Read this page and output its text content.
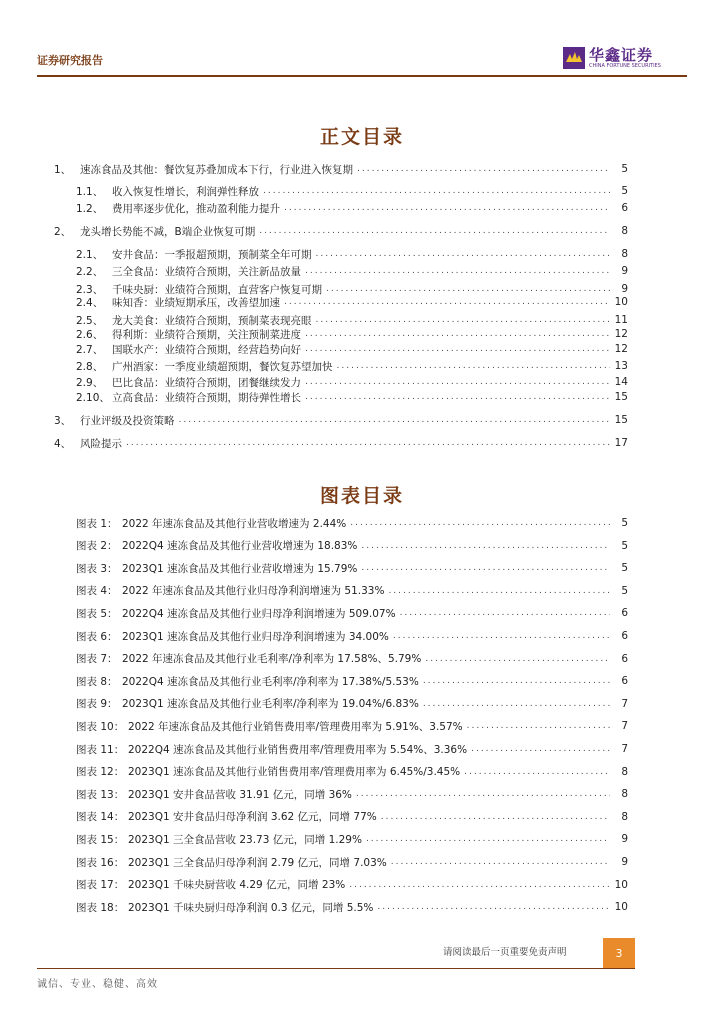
证券研究报告	华鑫证券
CHINA FORTUNE SECURITIES
正文目录
1、 速冻食品及其他：餐饮复苏叠加成本下行，行业进入恢复期 .....	5
1.1、 收入恢复性增长，利润弹性释放 .....	5
1.2、 费用率逐步优化，推动盈利能力提升 .....	6
2、 龙头增长势能不减，B端企业恢复可期 .....	8
2.1、 安井食品：一季报超预期，预制菜全年可期 .....	8
2.2、 三全食品：业绩符合预期，关注新品放量 .....	9
2.3、 千味央厨：业绩符合预期，直营客户恢复可期 .....	9
2.4、 味知香：业绩短期承压，改善望加速 .....	10
2.5、 龙大美食：业绩符合预期，预制菜表现亮眼 .....	11
2.6、 得利斯：业绩符合预期，关注预制菜进度 .....	12
2.7、 国联水产：业绩符合预期，经营趋势向好 .....	12
2.8、 广州酒家：一季度业绩超预期，餐饮复苏望加快 .....	13
2.9、 巴比食品：业绩符合预期，团餐继续发力 .....	14
2.10、 立高食品：业绩符合预期，期待弹性增长 .....	15
3、 行业评级及投资策略 .....	15
4、 风险提示 .....	17
图表目录
图表 1： 2022 年速冻食品及其他行业营收增速为 2.44% .....	5
图表 2： 2022Q4 速冻食品及其他行业营收增速为 18.83% .....	5
图表 3： 2023Q1 速冻食品及其他行业营收增速为 15.79% .....	5
图表 4： 2022 年速冻食品及其他行业归母净利润增速为 51.33% .....	5
图表 5： 2022Q4 速冻食品及其他行业归母净利润增速为 509.07% .....	6
图表 6： 2023Q1 速冻食品及其他行业归母净利润增速为 34.00% .....	6
图表 7： 2022 年速冻食品及其他行业毛利率/净利率为 17.58%、5.79% .....	6
图表 8： 2022Q4 速冻食品及其他行业毛利率/净利率为 17.38%/5.53% .....	6
图表 9： 2023Q1 速冻食品及其他行业毛利率/净利率为 19.04%/6.83% .....	7
图表 10： 2022 年速冻食品及其他行业销售费用率/管理费用率为 5.91%、3.57% .....	7
图表 11： 2022Q4 速冻食品及其他行业销售费用率/管理费用率为 5.54%、3.36% .....	7
图表 12： 2023Q1 速冻食品及其他行业销售费用率/管理费用率为 6.45%/3.45% .....	8
图表 13： 2023Q1 安井食品营收 31.91 亿元，同增 36% .....	8
图表 14： 2023Q1 安井食品归母净利润 3.62 亿元，同增 77% .....	8
图表 15： 2023Q1 三全食品营收 23.73 亿元，同增 1.29% .....	9
图表 16： 2023Q1 三全食品归母净利润 2.79 亿元，同增 7.03% .....	9
图表 17： 2023Q1 千味央厨营收 4.29 亿元，同增 23% .....	10
图表 18： 2023Q1 千味央厨归母净利润 0.3 亿元，同增 5.5% .....	10
请阅读最后一页重要免责声明	3
诚信、专业、稳健、高效
